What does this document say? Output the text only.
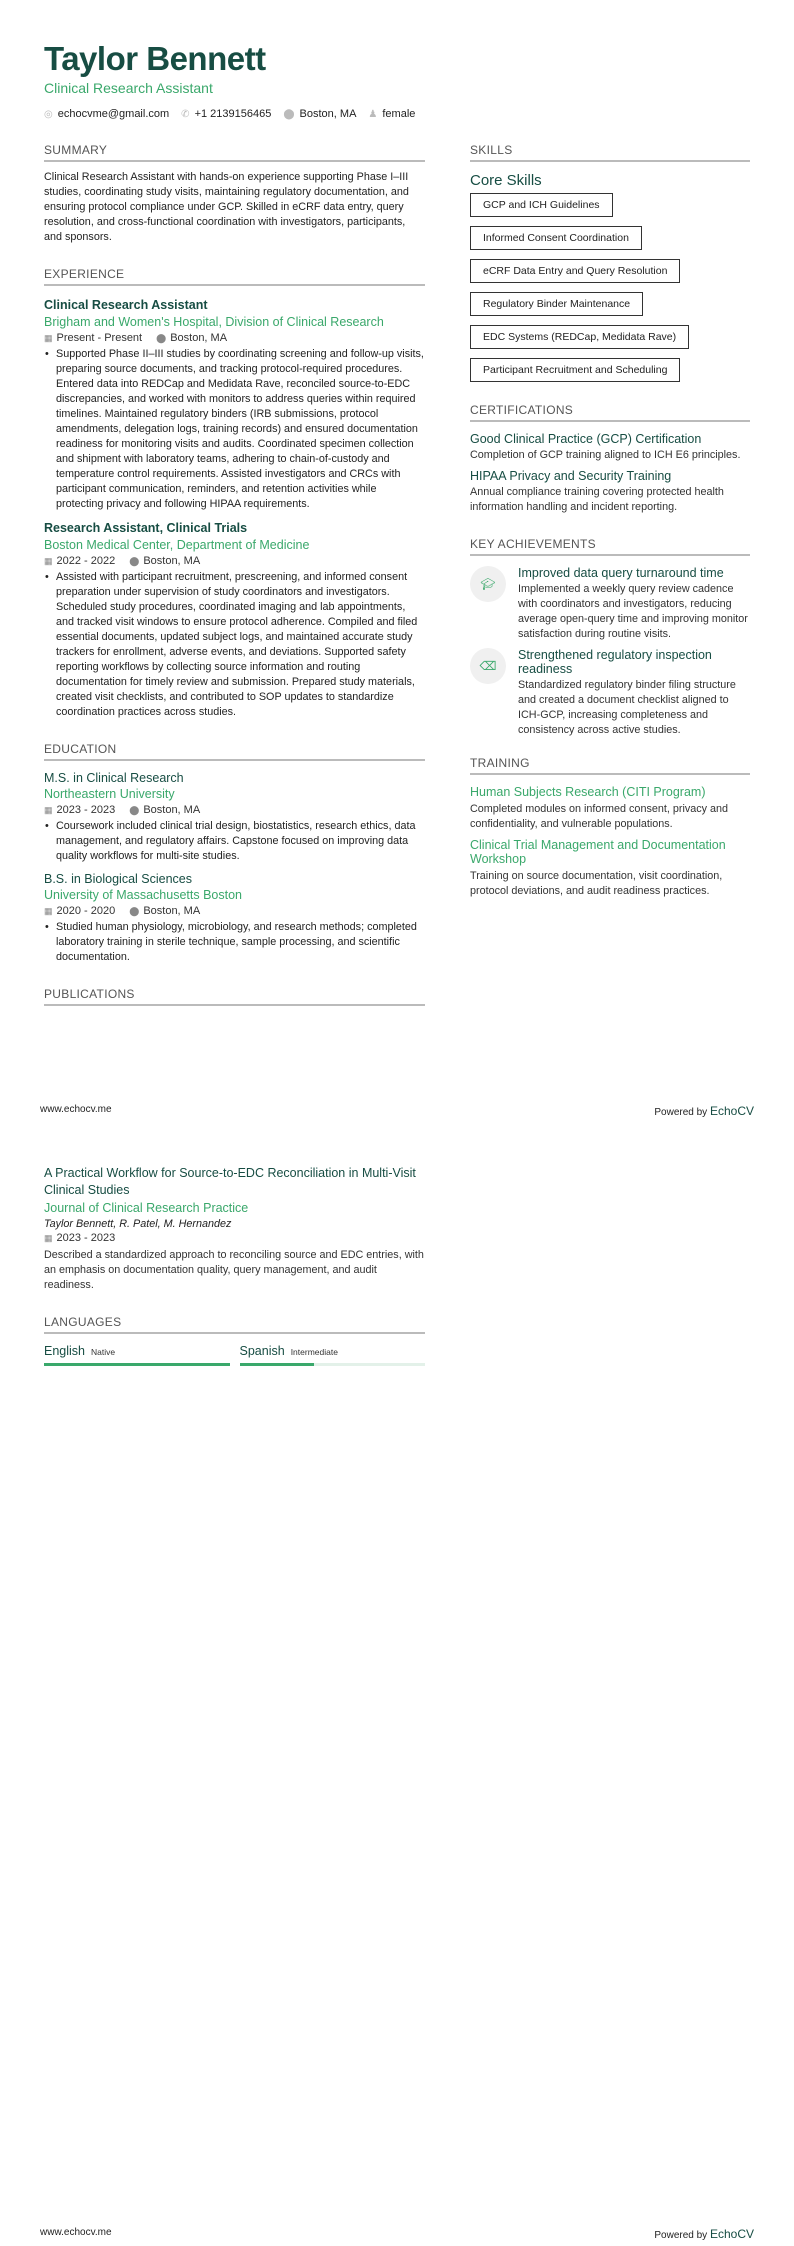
Taylor Bennett
Clinical Research Assistant
◎ echocvme@gmail.com ✆ +1 2139156465 ⬤ Boston, MA ♟ female
SUMMARY

Clinical Research Assistant with hands-on experience supporting Phase I–III studies, coordinating study visits, maintaining regulatory documentation, and ensuring protocol compliance under GCP. Skilled in eCRF data entry, query resolution, and cross-functional coordination with investigators, participants, and sponsors.

EXPERIENCE
Clinical Research Assistant
Brigham and Women's Hospital, Division of Clinical Research
▦ Present - Present ⬤ Boston, MA
• Supported Phase II–III studies by coordinating screening and follow-up visits, preparing source documents, and tracking protocol-required procedures. Entered data into REDCap and Medidata Rave, reconciled source-to-EDC discrepancies, and worked with monitors to address queries within required timelines. Maintained regulatory binders (IRB submissions, protocol amendments, delegation logs, training records) and ensured documentation readiness for monitoring visits and audits. Coordinated specimen collection and shipment with laboratory teams, adhering to chain-of-custody and temperature control requirements. Assisted investigators and CRCs with participant communication, reminders, and retention activities while protecting privacy and following HIPAA requirements.
Research Assistant, Clinical Trials
Boston Medical Center, Department of Medicine
▦ 2022 - 2022 ⬤ Boston, MA
• Assisted with participant recruitment, prescreening, and informed consent preparation under supervision of study coordinators and investigators. Scheduled study procedures, coordinated imaging and lab appointments, and tracked visit windows to ensure protocol adherence. Compiled and filed essential documents, updated subject logs, and maintained accurate study trackers for enrollment, adverse events, and deviations. Supported safety reporting workflows by collecting source information and routing documentation for timely review and submission. Prepared study materials, created visit checklists, and contributed to SOP updates to standardize coordination practices across studies.
EDUCATION
M.S. in Clinical Research
Northeastern University
▦ 2023 - 2023 ⬤ Boston, MA
• Coursework included clinical trial design, biostatistics, research ethics, data management, and regulatory affairs. Capstone focused on improving data quality workflows for multi-site studies.
B.S. in Biological Sciences
University of Massachusetts Boston
▦ 2020 - 2020 ⬤ Boston, MA
• Studied human physiology, microbiology, and research methods; completed laboratory training in sterile technique, sample processing, and scientific documentation.
PUBLICATIONS
SKILLS
Core Skills
GCP and ICH Guidelines
Informed Consent Coordination
eCRF Data Entry and Query Resolution
Regulatory Binder Maintenance
EDC Systems (REDCap, Medidata Rave)
Participant Recruitment and Scheduling
CERTIFICATIONS
Good Clinical Practice (GCP) Certification

Completion of GCP training aligned to ICH E6 principles.

HIPAA Privacy and Security Training

Annual compliance training covering protected health information handling and incident reporting.

KEY ACHIEVEMENTS
🎓︎
Improved data query turnaround time

Implemented a weekly query review cadence with coordinators and investigators, reducing average open-query time and improving monitor satisfaction during routine visits.

⌫
Strengthened regulatory inspection readiness

Standardized regulatory binder filing structure and created a document checklist aligned to ICH-GCP, increasing completeness and consistency across active studies.

TRAINING
Human Subjects Research (CITI Program)

Completed modules on informed consent, privacy and confidentiality, and vulnerable populations.

Clinical Trial Management and Documentation Workshop

Training on source documentation, visit coordination, protocol deviations, and audit readiness practices.

www.echocv.me	Powered by EchoCV
A Practical Workflow for Source-to-EDC Reconciliation in Multi-Visit Clinical Studies
Journal of Clinical Research Practice
Taylor Bennett, R. Patel, M. Hernandez
▦ 2023 - 2023

Described a standardized approach to reconciling source and EDC entries, with an emphasis on documentation quality, query management, and audit readiness.

LANGUAGES
English Native	Spanish Intermediate
www.echocv.me	Powered by EchoCV
